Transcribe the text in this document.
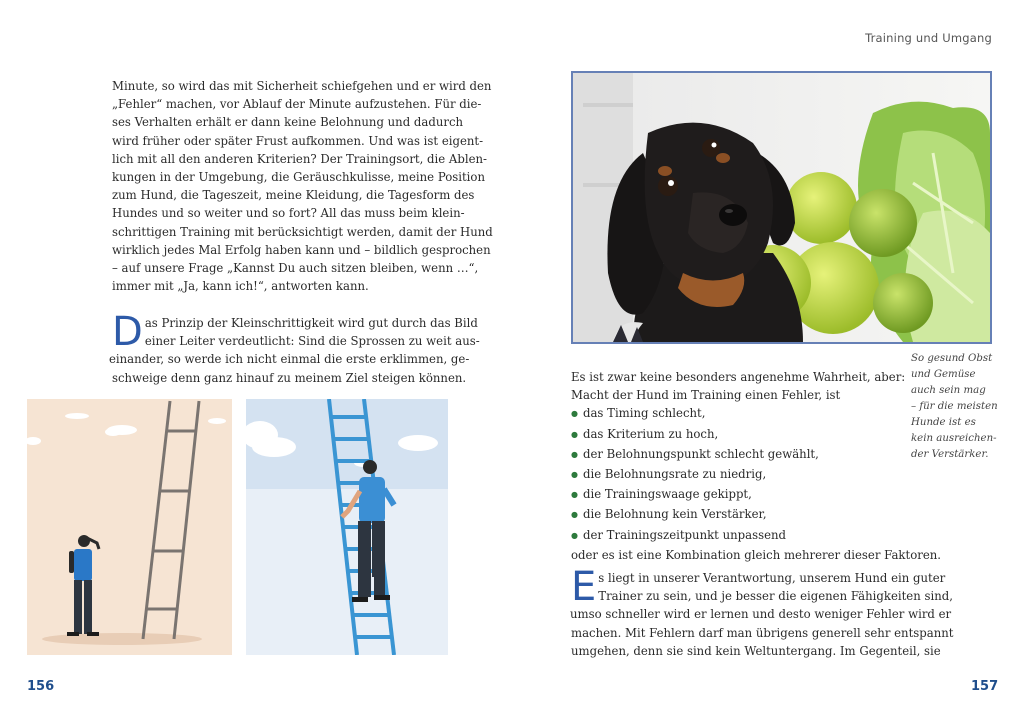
Minute, so wird das mit Sicherheit schiefgehen und er wird den
„Fehler“ machen, vor Ablauf der Minute aufzustehen. Für die-
ses Verhalten erhält er dann keine Belohnung und dadurch
wird früher oder später Frust aufkommen. Und was ist eigent-
lich mit all den anderen Kriterien? Der Trainingsort, die Ablen-
kungen in der Umgebung, die Geräuschkulisse, meine Position
zum Hund, die Tageszeit, meine Kleidung, die Tagesform des
Hundes und so weiter und so fort? All das muss beim klein-
schrittigen Training mit berücksichtigt werden, damit der Hund
wirklich jedes Mal Erfolg haben kann und – bildlich gesprochen
– auf unsere Frage „Kannst Du auch sitzen bleiben, wenn …“,
immer mit „Ja, kann ich!“, antworten kann.
D as Prinzip der Kleinschrittigkeit wird gut durch das Bild
einer Leiter verdeutlicht: Sind die Sprossen zu weit aus-
einander, so werde ich nicht einmal die erste erklimmen, ge-
schweige denn ganz hinauf zu meinem Ziel steigen können.
156
Training und Umgang
So gesund Obst
und Gemüse
auch sein mag
– für die meisten
Hunde ist es
kein ausreichen-
der Verstärker.
Es ist zwar keine besonders angenehme Wahrheit, aber:
Macht der Hund im Training einen Fehler, ist
● das Timing schlecht,
● das Kriterium zu hoch,
● der Belohnungspunkt schlecht gewählt,
● die Belohnungsrate zu niedrig,
● die Trainingswaage gekippt,
● die Belohnung kein Verstärker,
● der Trainingszeitpunkt unpassend
oder es ist eine Kombination gleich mehrerer dieser Faktoren.
E s liegt in unserer Verantwortung, unserem Hund ein guter
Trainer zu sein, und je besser die eigenen Fähigkeiten sind,
umso schneller wird er lernen und desto weniger Fehler wird er
machen. Mit Fehlern darf man übrigens generell sehr entspannt
umgehen, denn sie sind kein Weltuntergang. Im Gegenteil, sie
157
